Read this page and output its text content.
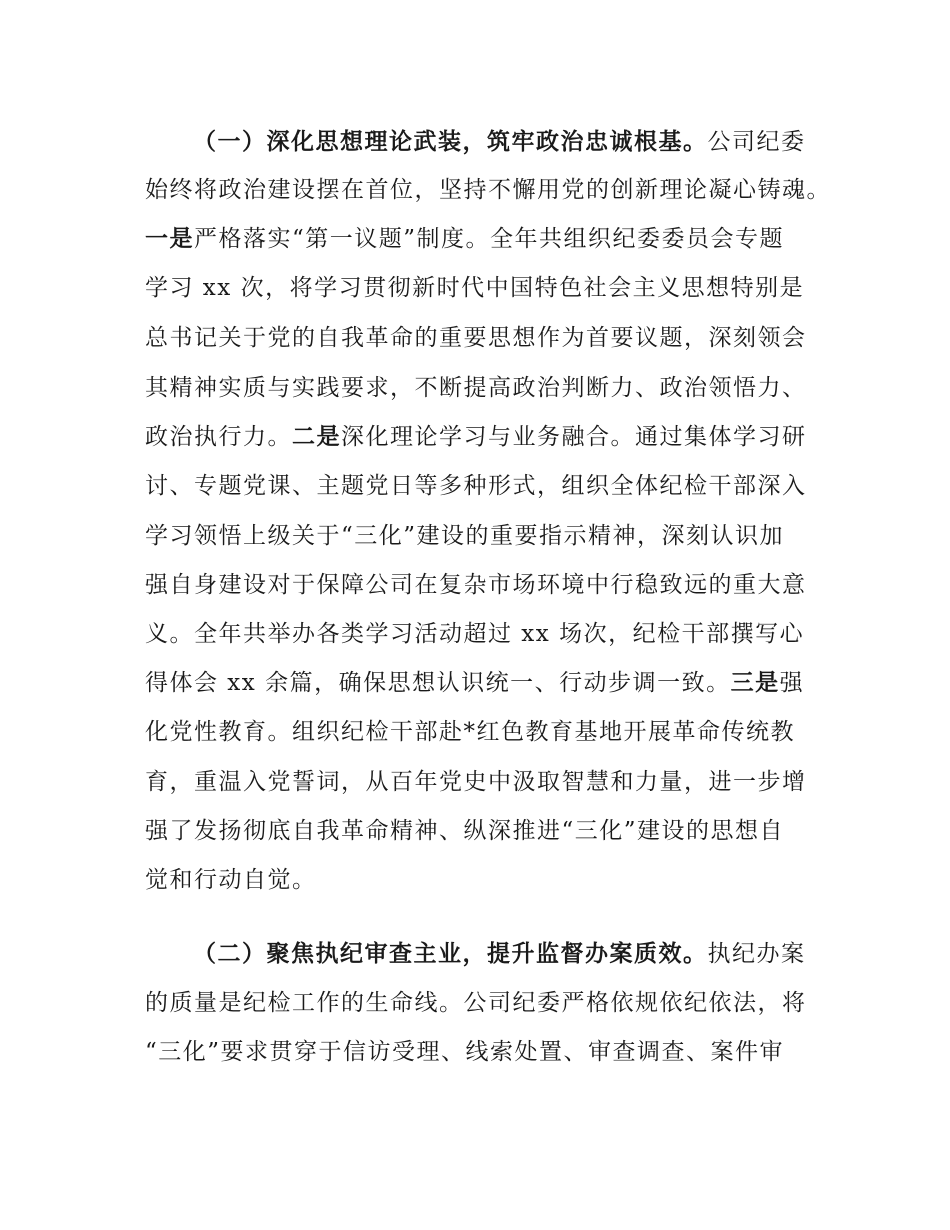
（一）深化思想理论武装，筑牢政治忠诚根基。公司纪委
始终将政治建设摆在首位，坚持不懈用党的创新理论凝心铸魂。
一是严格落实“第一议题”制度。全年共组织纪委委员会专题
学习 xx 次，将学习贯彻新时代中国特色社会主义思想特别是
总书记关于党的自我革命的重要思想作为首要议题，深刻领会
其精神实质与实践要求，不断提高政治判断力、政治领悟力、
政治执行力。二是深化理论学习与业务融合。通过集体学习研
讨、专题党课、主题党日等多种形式，组织全体纪检干部深入
学习领悟上级关于“三化”建设的重要指示精神，深刻认识加
强自身建设对于保障公司在复杂市场环境中行稳致远的重大意
义。全年共举办各类学习活动超过 xx 场次，纪检干部撰写心
得体会 xx 余篇，确保思想认识统一、行动步调一致。三是强
化党性教育。组织纪检干部赴*红色教育基地开展革命传统教
育，重温入党誓词，从百年党史中汲取智慧和力量，进一步增
强了发扬彻底自我革命精神、纵深推进“三化”建设的思想自
觉和行动自觉。
（二）聚焦执纪审查主业，提升监督办案质效。执纪办案
的质量是纪检工作的生命线。公司纪委严格依规依纪依法，将
“三化”要求贯穿于信访受理、线索处置、审查调查、案件审
